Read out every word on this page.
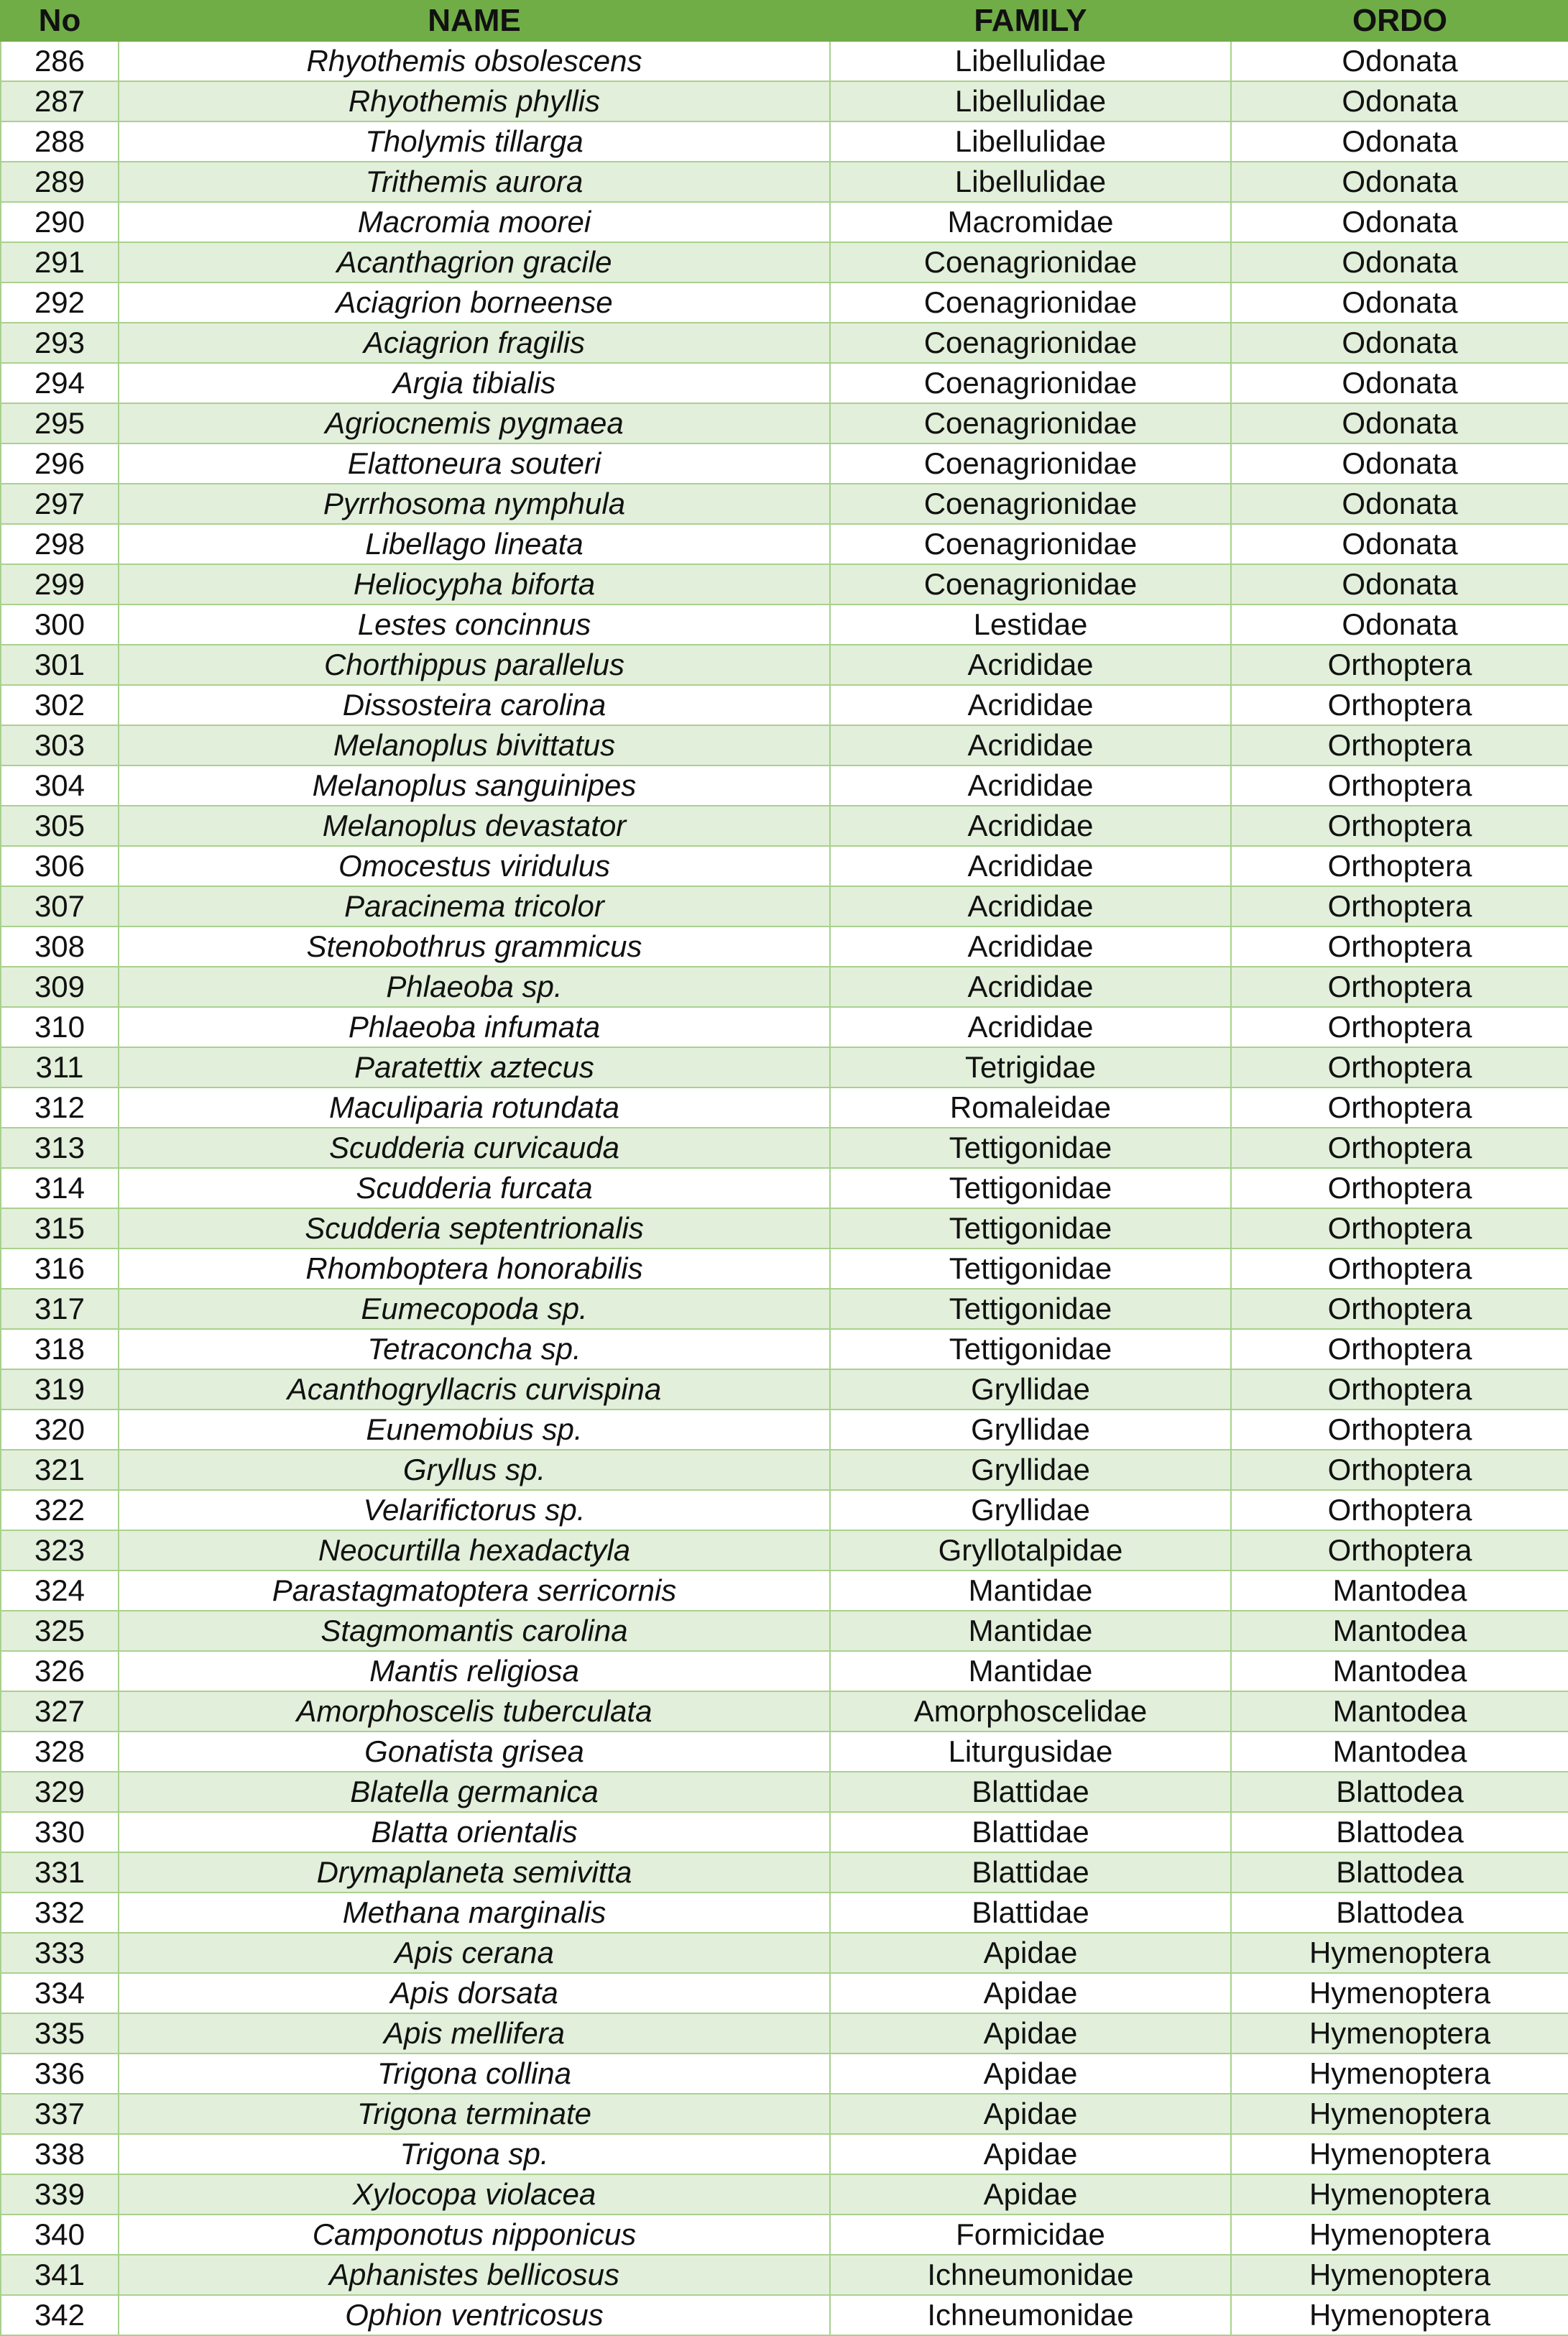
No	NAME	FAMILY	ORDO
286	Rhyothemis obsolescens	Libellulidae	Odonata
287	Rhyothemis phyllis	Libellulidae	Odonata
288	Tholymis tillarga	Libellulidae	Odonata
289	Trithemis aurora	Libellulidae	Odonata
290	Macromia moorei	Macromidae	Odonata
291	Acanthagrion gracile	Coenagrionidae	Odonata
292	Aciagrion borneense	Coenagrionidae	Odonata
293	Aciagrion fragilis	Coenagrionidae	Odonata
294	Argia tibialis	Coenagrionidae	Odonata
295	Agriocnemis pygmaea	Coenagrionidae	Odonata
296	Elattoneura souteri	Coenagrionidae	Odonata
297	Pyrrhosoma nymphula	Coenagrionidae	Odonata
298	Libellago lineata	Coenagrionidae	Odonata
299	Heliocypha biforta	Coenagrionidae	Odonata
300	Lestes concinnus	Lestidae	Odonata
301	Chorthippus parallelus	Acrididae	Orthoptera
302	Dissosteira carolina	Acrididae	Orthoptera
303	Melanoplus bivittatus	Acrididae	Orthoptera
304	Melanoplus sanguinipes	Acrididae	Orthoptera
305	Melanoplus devastator	Acrididae	Orthoptera
306	Omocestus viridulus	Acrididae	Orthoptera
307	Paracinema tricolor	Acrididae	Orthoptera
308	Stenobothrus grammicus	Acrididae	Orthoptera
309	Phlaeoba sp.	Acrididae	Orthoptera
310	Phlaeoba infumata	Acrididae	Orthoptera
311	Paratettix aztecus	Tetrigidae	Orthoptera
312	Maculiparia rotundata	Romaleidae	Orthoptera
313	Scudderia curvicauda	Tettigonidae	Orthoptera
314	Scudderia furcata	Tettigonidae	Orthoptera
315	Scudderia septentrionalis	Tettigonidae	Orthoptera
316	Rhomboptera honorabilis	Tettigonidae	Orthoptera
317	Eumecopoda sp.	Tettigonidae	Orthoptera
318	Tetraconcha sp.	Tettigonidae	Orthoptera
319	Acanthogryllacris curvispina	Gryllidae	Orthoptera
320	Eunemobius sp.	Gryllidae	Orthoptera
321	Gryllus sp.	Gryllidae	Orthoptera
322	Velarifictorus sp.	Gryllidae	Orthoptera
323	Neocurtilla hexadactyla	Gryllotalpidae	Orthoptera
324	Parastagmatoptera serricornis	Mantidae	Mantodea
325	Stagmomantis carolina	Mantidae	Mantodea
326	Mantis religiosa	Mantidae	Mantodea
327	Amorphoscelis tuberculata	Amorphoscelidae	Mantodea
328	Gonatista grisea	Liturgusidae	Mantodea
329	Blatella germanica	Blattidae	Blattodea
330	Blatta orientalis	Blattidae	Blattodea
331	Drymaplaneta semivitta	Blattidae	Blattodea
332	Methana marginalis	Blattidae	Blattodea
333	Apis cerana	Apidae	Hymenoptera
334	Apis dorsata	Apidae	Hymenoptera
335	Apis mellifera	Apidae	Hymenoptera
336	Trigona collina	Apidae	Hymenoptera
337	Trigona terminate	Apidae	Hymenoptera
338	Trigona sp.	Apidae	Hymenoptera
339	Xylocopa violacea	Apidae	Hymenoptera
340	Camponotus nipponicus	Formicidae	Hymenoptera
341	Aphanistes bellicosus	Ichneumonidae	Hymenoptera
342	Ophion ventricosus	Ichneumonidae	Hymenoptera
